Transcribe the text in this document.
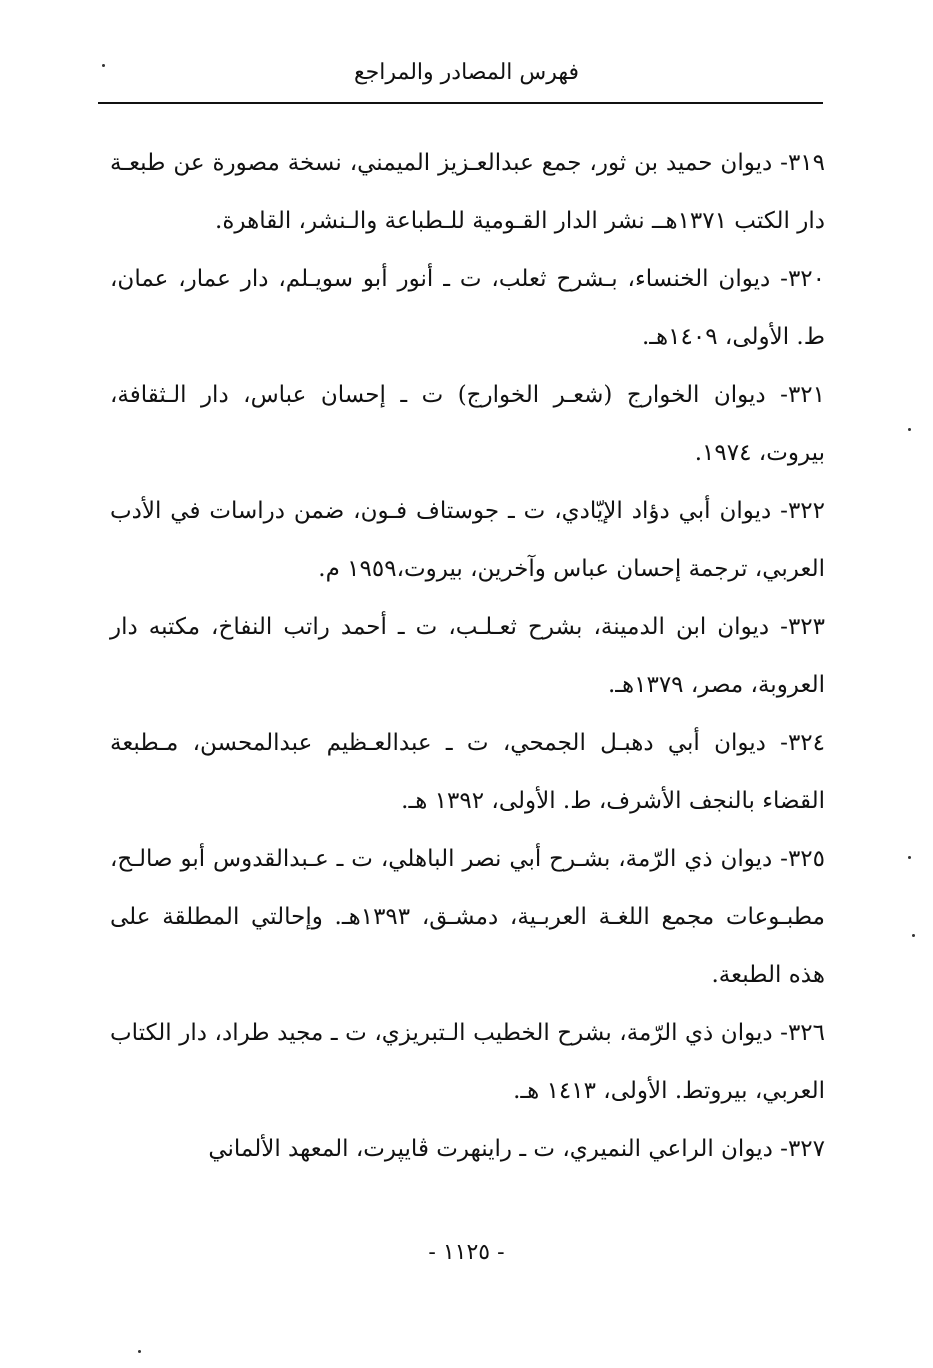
فهرس المصادر والمراجع
٣١٩- ديوان حميد بن ثور، جمع عبدالعـزيز الميمني، نسخة مصورة عن طبعـة دار الكتب ١٣٧١هــ نشر الدار القـومية للـطباعة والـنشر، القاهرة.
٣٢٠- ديوان الخنساء، بـشرح ثعلب، ت ـ أنور أبو سويـلم، دار عمار، عمان، ط. الأولى، ١٤٠٩هـ.
٣٢١- ديوان الخوارج (شعـر الخوارج) ت ـ إحسان عباس، دار الـثقافة، بيروت، ١٩٧٤.
٣٢٢- ديوان أبي دؤاد الإيّادي، ت ـ جوستاف فـون، ضمن دراسات في الأدب العربي، ترجمة إحسان عباس وآخرين، بيروت،١٩٥٩ م.
٣٢٣- ديوان ابن الدمينة، بشرح ثعـلـب، ت ـ أحمد راتب النفاخ، مكتبه دار العروبة، مصر، ١٣٧٩هـ.
٣٢٤- ديوان أبي دهبـل الجمحي، ت ـ عبدالعـظيم عبدالمحسن، مـطبعة القضاء بالنجف الأشرف، ط. الأولى، ١٣٩٢ هـ.
٣٢٥- ديوان ذي الرّمة، بشـرح أبي نصر الباهلي، ت ـ عـبدالقدوس أبو صالـح، مطبـوعات مجمع اللغـة العربـية، دمشـق، ١٣٩٣هـ. وإحالتي المطلقة على هذه الطبعة.
٣٢٦- ديوان ذي الرّمة، بشرح الخطيب الـتبريزي، ت ـ مجيد طراد، دار الكتاب العربي، بيروتط. الأولى، ١٤١٣ هـ.
٣٢٧- ديوان الراعي النميري، ت ـ راينهرت ڤايپرت، المعهد الألماني
- ١١٢٥ -
